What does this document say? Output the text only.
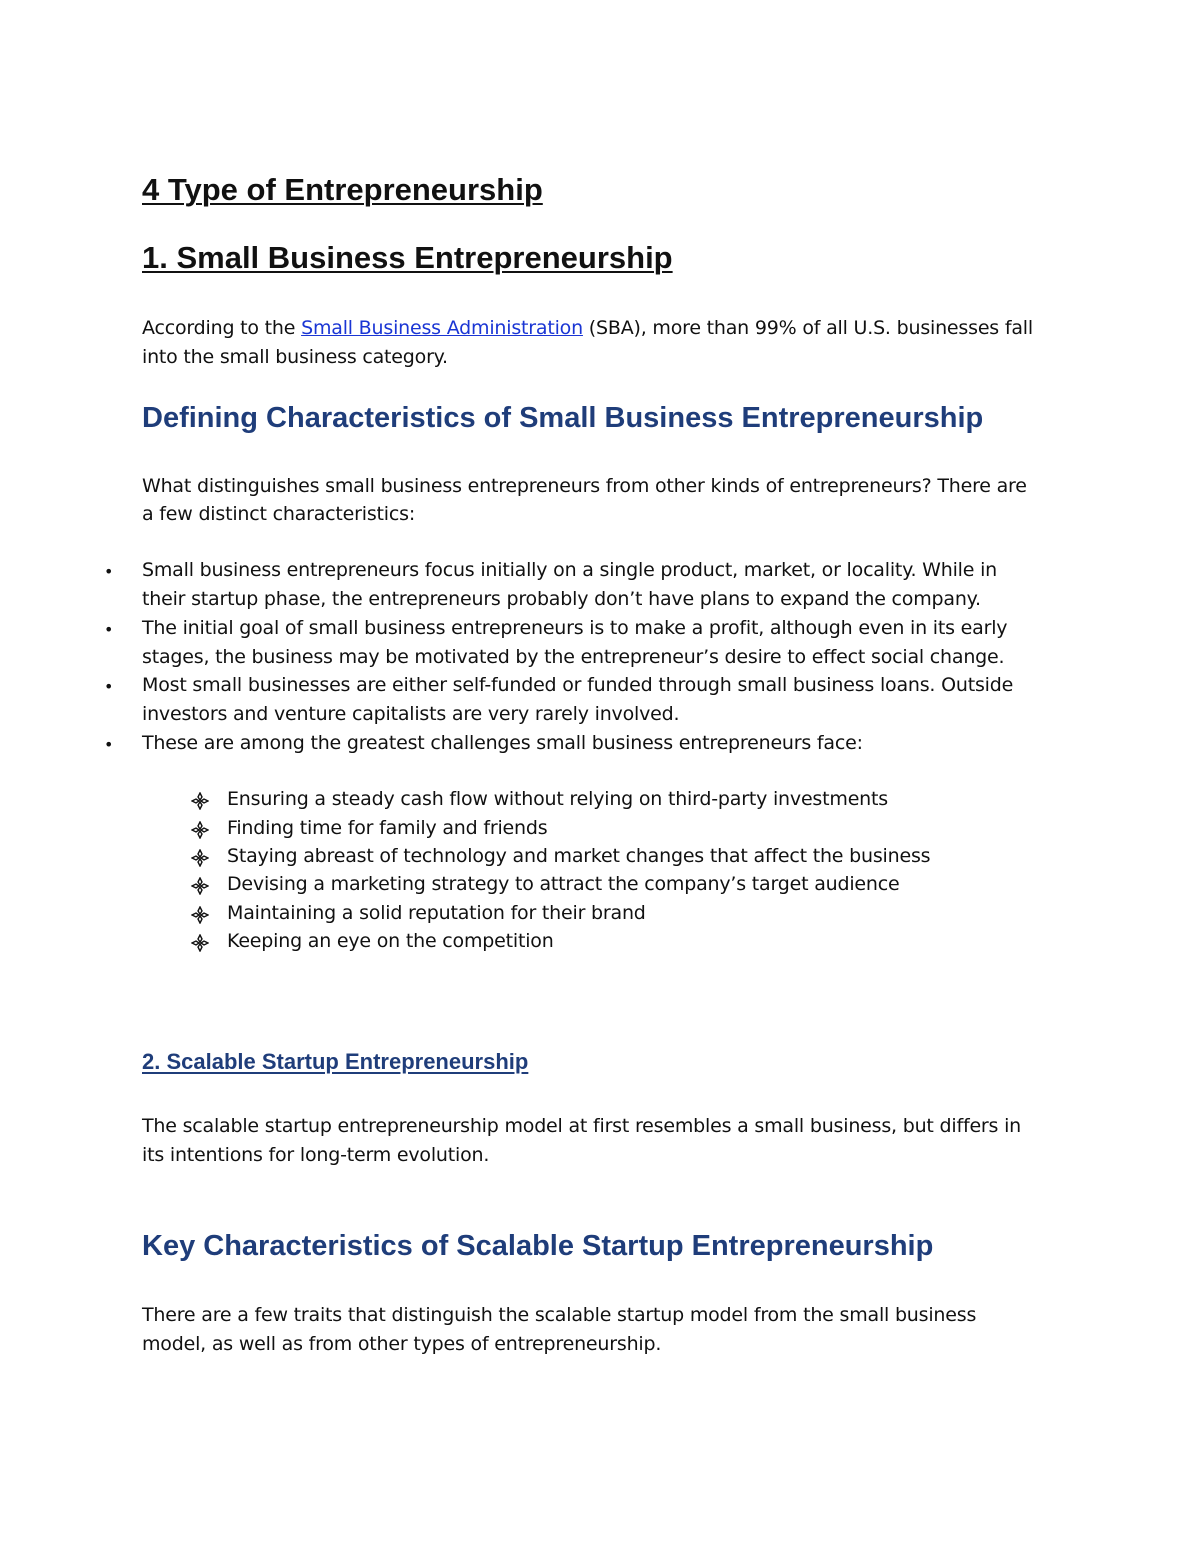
4 Type of Entrepreneurship
1. Small Business Entrepreneurship
According to the Small Business Administration (SBA), more than 99% of all U.S. businesses fall
into the small business category.
Defining Characteristics of Small Business Entrepreneurship
What distinguishes small business entrepreneurs from other kinds of entrepreneurs? There are
a few distinct characteristics:
• Small business entrepreneurs focus initially on a single product, market, or locality. While in
their startup phase, the entrepreneurs probably don’t have plans to expand the company.
• The initial goal of small business entrepreneurs is to make a profit, although even in its early
stages, the business may be motivated by the entrepreneur’s desire to effect social change.
• Most small businesses are either self-funded or funded through small business loans. Outside
investors and venture capitalists are very rarely involved.
• These are among the greatest challenges small business entrepreneurs face:
Ensuring a steady cash flow without relying on third-party investments
Finding time for family and friends
Staying abreast of technology and market changes that affect the business
Devising a marketing strategy to attract the company’s target audience
Maintaining a solid reputation for their brand
Keeping an eye on the competition
2. Scalable Startup Entrepreneurship
The scalable startup entrepreneurship model at first resembles a small business, but differs in
its intentions for long-term evolution.
Key Characteristics of Scalable Startup Entrepreneurship
There are a few traits that distinguish the scalable startup model from the small business
model, as well as from other types of entrepreneurship.
